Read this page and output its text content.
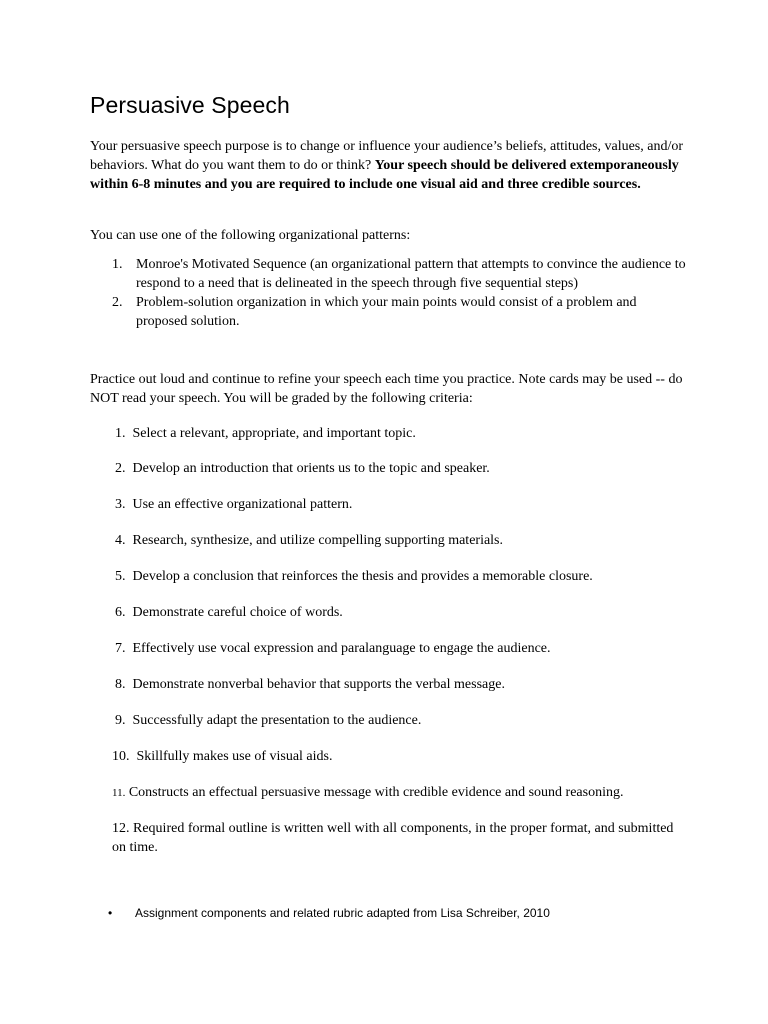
Persuasive Speech

Your persuasive speech purpose is to change or influence your audience’s beliefs, attitudes, values, and/or behaviors. What do you want them to do or think? Your speech should be delivered extemporaneously within 6-8 minutes and you are required to include one visual aid and three credible sources.

You can use one of the following organizational patterns:

1. Monroe's Motivated Sequence (an organizational pattern that attempts to convince the audience to respond to a need that is delineated in the speech through five sequential steps)
2. Problem-solution organization in which your main points would consist of a problem and proposed solution.

Practice out loud and continue to refine your speech each time you practice. Note cards may be used -- do NOT read your speech. You will be graded by the following criteria:

1. Select a relevant, appropriate, and important topic.
2. Develop an introduction that orients us to the topic and speaker.
3. Use an effective organizational pattern.
4. Research, synthesize, and utilize compelling supporting materials.
5. Develop a conclusion that reinforces the thesis and provides a memorable closure.
6. Demonstrate careful choice of words.
7. Effectively use vocal expression and paralanguage to engage the audience.
8. Demonstrate nonverbal behavior that supports the verbal message.
9. Successfully adapt the presentation to the audience.
10. Skillfully makes use of visual aids.
11. Constructs an effectual persuasive message with credible evidence and sound reasoning.
12. Required formal outline is written well with all components, in the proper format, and submitted on time.
• Assignment components and related rubric adapted from Lisa Schreiber, 2010
